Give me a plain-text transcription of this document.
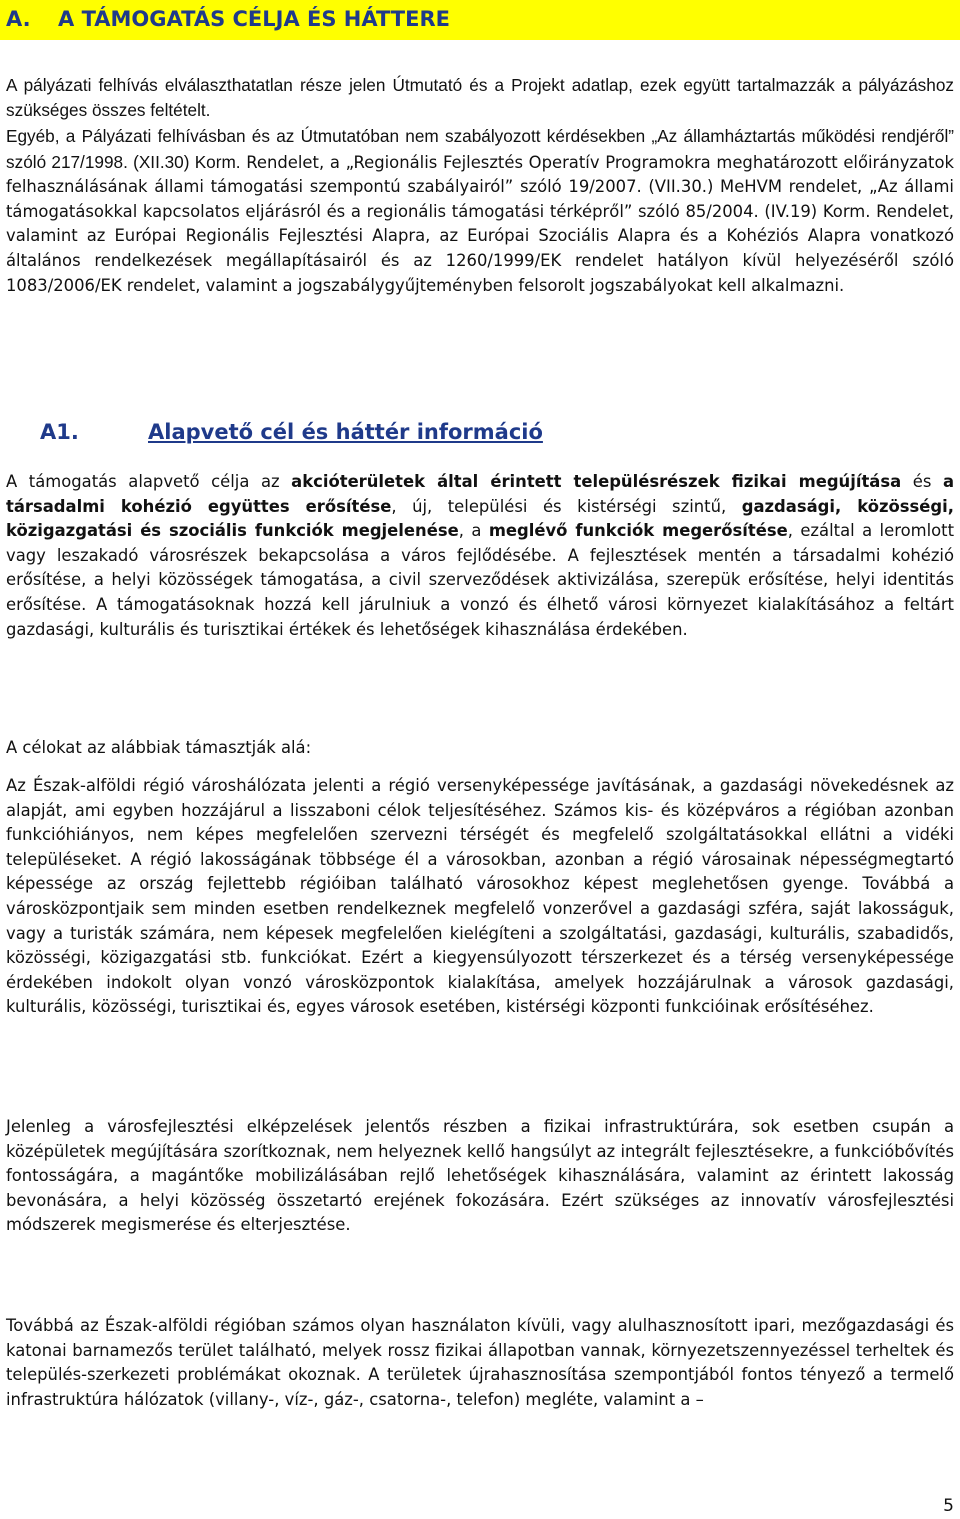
A. A TÁMOGATÁS CÉLJA ÉS HÁTTERE

A pályázati felhívás elválaszthatatlan része jelen Útmutató és a Projekt adatlap, ezek együtt tartalmazzák a pályázáshoz szükséges összes feltételt.

Egyéb, a Pályázati felhívásban és az Útmutatóban nem szabályozott kérdésekben „Az államháztartás működési rendjéről” szóló 217/1998. (XII.30) Korm. Rendelet, a „Regionális Fejlesztés Operatív Programokra meghatározott előirányzatok felhasználásának állami támogatási szempontú szabályairól” szóló 19/2007. (VII.30.) MeHVM rendelet, „Az állami támogatásokkal kapcsolatos eljárásról és a regionális támogatási térképről” szóló 85/2004. (IV.19) Korm. Rendelet, valamint az Európai Regionális Fejlesztési Alapra, az Európai Szociális Alapra és a Kohéziós Alapra vonatkozó általános rendelkezések megállapításairól és az 1260/1999/EK rendelet hatályon kívül helyezéséről szóló 1083/2006/EK rendelet, valamint a jogszabálygyűjteményben felsorolt jogszabályokat kell alkalmazni.

A1.	Alapvető cél és háttér információ

A támogatás alapvető célja az akcióterületek által érintett településrészek fizikai megújítása és a társadalmi kohézió együttes erősítése, új, települési és kistérségi szintű, gazdasági, közösségi, közigazgatási és szociális funkciók megjelenése, a meglévő funkciók megerősítése, ezáltal a leromlott vagy leszakadó városrészek bekapcsolása a város fejlődésébe. A fejlesztések mentén a társadalmi kohézió erősítése, a helyi közösségek támogatása, a civil szerveződések aktivizálása, szerepük erősítése, helyi identitás erősítése. A támogatásoknak hozzá kell járulniuk a vonzó és élhető városi környezet kialakításához a feltárt gazdasági, kulturális és turisztikai értékek és lehetőségek kihasználása érdekében.

A célokat az alábbiak támasztják alá:

Az Észak-alföldi régió városhálózata jelenti a régió versenyképessége javításának, a gazdasági növekedésnek az alapját, ami egyben hozzájárul a lisszaboni célok teljesítéséhez. Számos kis- és középváros a régióban azonban funkcióhiányos, nem képes megfelelően szervezni térségét és megfelelő szolgáltatásokkal ellátni a vidéki településeket. A régió lakosságának többsége él a városokban, azonban a régió városainak népességmegtartó képessége az ország fejlettebb régióiban található városokhoz képest meglehetősen gyenge. Továbbá a városközpontjaik sem minden esetben rendelkeznek megfelelő vonzerővel a gazdasági szféra, saját lakosságuk, vagy a turisták számára, nem képesek megfelelően kielégíteni a szolgáltatási, gazdasági, kulturális, szabadidős, közösségi, közigazgatási stb. funkciókat. Ezért a kiegyensúlyozott térszerkezet és a térség versenyképessége érdekében indokolt olyan vonzó városközpontok kialakítása, amelyek hozzájárulnak a városok gazdasági, kulturális, közösségi, turisztikai és, egyes városok esetében, kistérségi központi funkcióinak erősítéséhez.

Jelenleg a városfejlesztési elképzelések jelentős részben a fizikai infrastruktúrára, sok esetben csupán a középületek megújítására szorítkoznak, nem helyeznek kellő hangsúlyt az integrált fejlesztésekre, a funkcióbővítés fontosságára, a magántőke mobilizálásában rejlő lehetőségek kihasználására, valamint az érintett lakosság bevonására, a helyi közösség összetartó erejének fokozására. Ezért szükséges az innovatív városfejlesztési módszerek megismerése és elterjesztése.

Továbbá az Észak-alföldi régióban számos olyan használaton kívüli, vagy alulhasznosított ipari, mezőgazdasági és katonai barnamezős terület található, melyek rossz fizikai állapotban vannak, környezetszennyezéssel terheltek és település-szerkezeti problémákat okoznak. A területek újrahasznosítása szempontjából fontos tényező a termelő infrastruktúra hálózatok (villany-, víz-, gáz-, csatorna-, telefon) megléte, valamint a –

5
